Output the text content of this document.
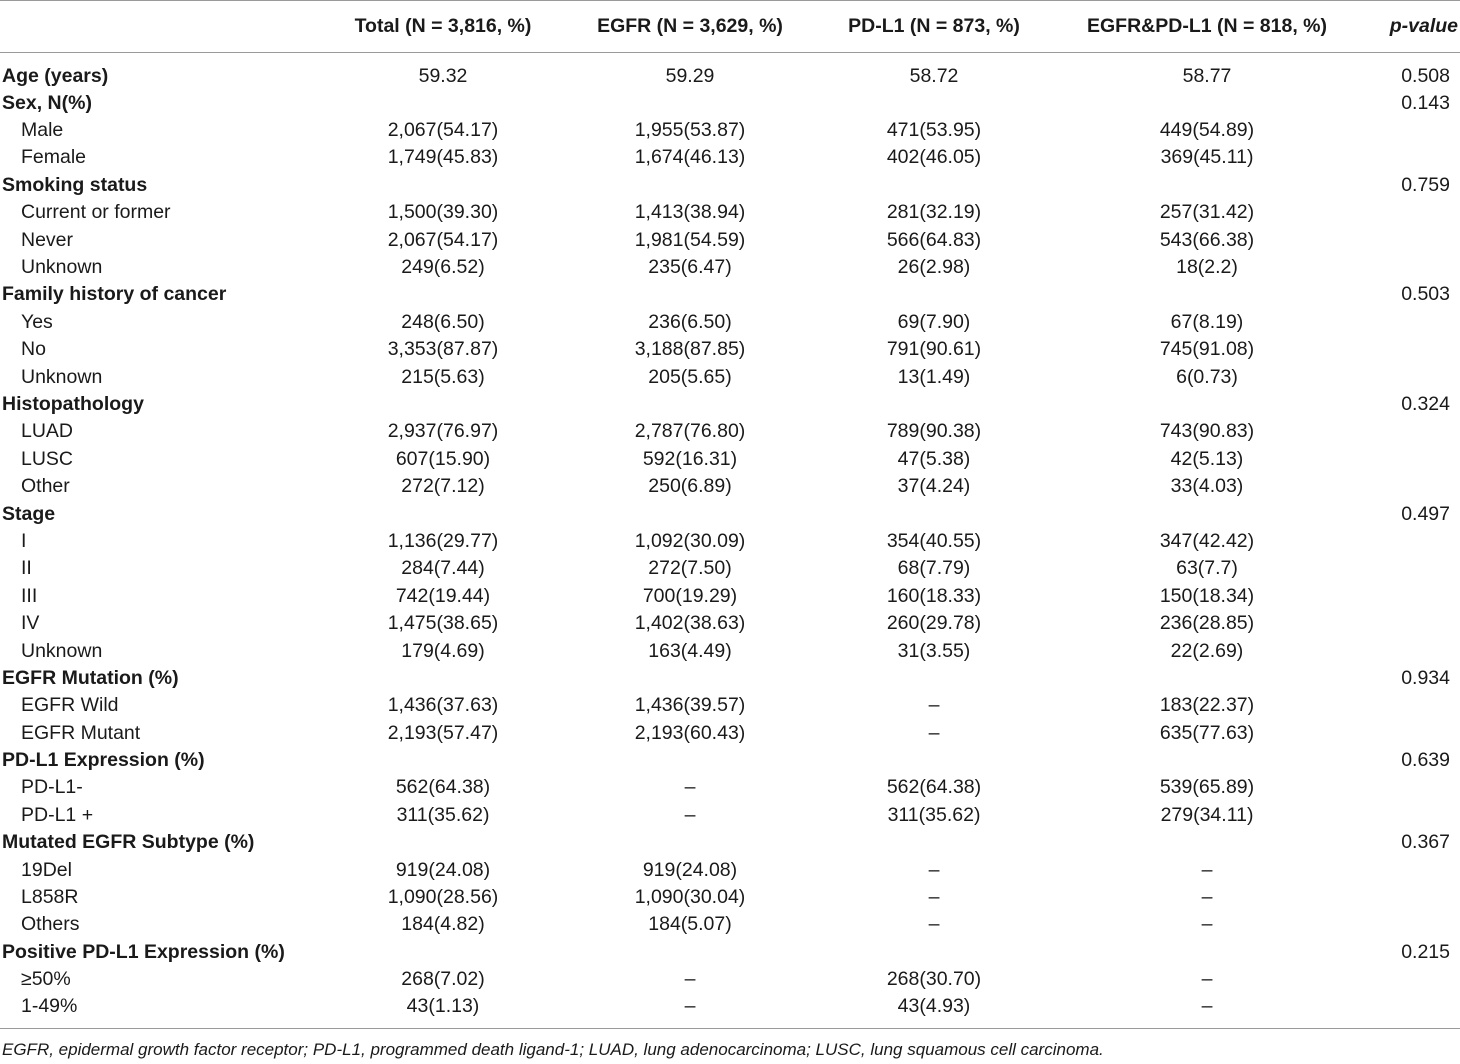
	Total (N = 3,816, %)	EGFR (N = 3,629, %)	PD-L1 (N = 873, %)	EGFR&PD-L1 (N = 818, %)	p-value
Age (years)	59.32	59.29	58.72	58.77	0.508
Sex, N(%)					0.143
Male	2,067(54.17)	1,955(53.87)	471(53.95)	449(54.89)	
Female	1,749(45.83)	1,674(46.13)	402(46.05)	369(45.11)	
Smoking status					0.759
Current or former	1,500(39.30)	1,413(38.94)	281(32.19)	257(31.42)	
Never	2,067(54.17)	1,981(54.59)	566(64.83)	543(66.38)	
Unknown	249(6.52)	235(6.47)	26(2.98)	18(2.2)	
Family history of cancer					0.503
Yes	248(6.50)	236(6.50)	69(7.90)	67(8.19)	
No	3,353(87.87)	3,188(87.85)	791(90.61)	745(91.08)	
Unknown	215(5.63)	205(5.65)	13(1.49)	6(0.73)	
Histopathology					0.324
LUAD	2,937(76.97)	2,787(76.80)	789(90.38)	743(90.83)	
LUSC	607(15.90)	592(16.31)	47(5.38)	42(5.13)	
Other	272(7.12)	250(6.89)	37(4.24)	33(4.03)	
Stage					0.497
I	1,136(29.77)	1,092(30.09)	354(40.55)	347(42.42)	
II	284(7.44)	272(7.50)	68(7.79)	63(7.7)	
III	742(19.44)	700(19.29)	160(18.33)	150(18.34)	
IV	1,475(38.65)	1,402(38.63)	260(29.78)	236(28.85)	
Unknown	179(4.69)	163(4.49)	31(3.55)	22(2.69)	
EGFR Mutation (%)					0.934
EGFR Wild	1,436(37.63)	1,436(39.57)	–	183(22.37)	
EGFR Mutant	2,193(57.47)	2,193(60.43)	–	635(77.63)	
PD-L1 Expression (%)					0.639
PD-L1-	562(64.38)	–	562(64.38)	539(65.89)	
PD-L1 +	311(35.62)	–	311(35.62)	279(34.11)	
Mutated EGFR Subtype (%)					0.367
19Del	919(24.08)	919(24.08)	–	–	
L858R	1,090(28.56)	1,090(30.04)	–	–	
Others	184(4.82)	184(5.07)	–	–	
Positive PD-L1 Expression (%)					0.215
≥50%	268(7.02)	–	268(30.70)	–	
1-49%	43(1.13)	–	43(4.93)	–	
EGFR, epidermal growth factor receptor; PD-L1, programmed death ligand-1; LUAD, lung adenocarcinoma; LUSC, lung squamous cell carcinoma.
